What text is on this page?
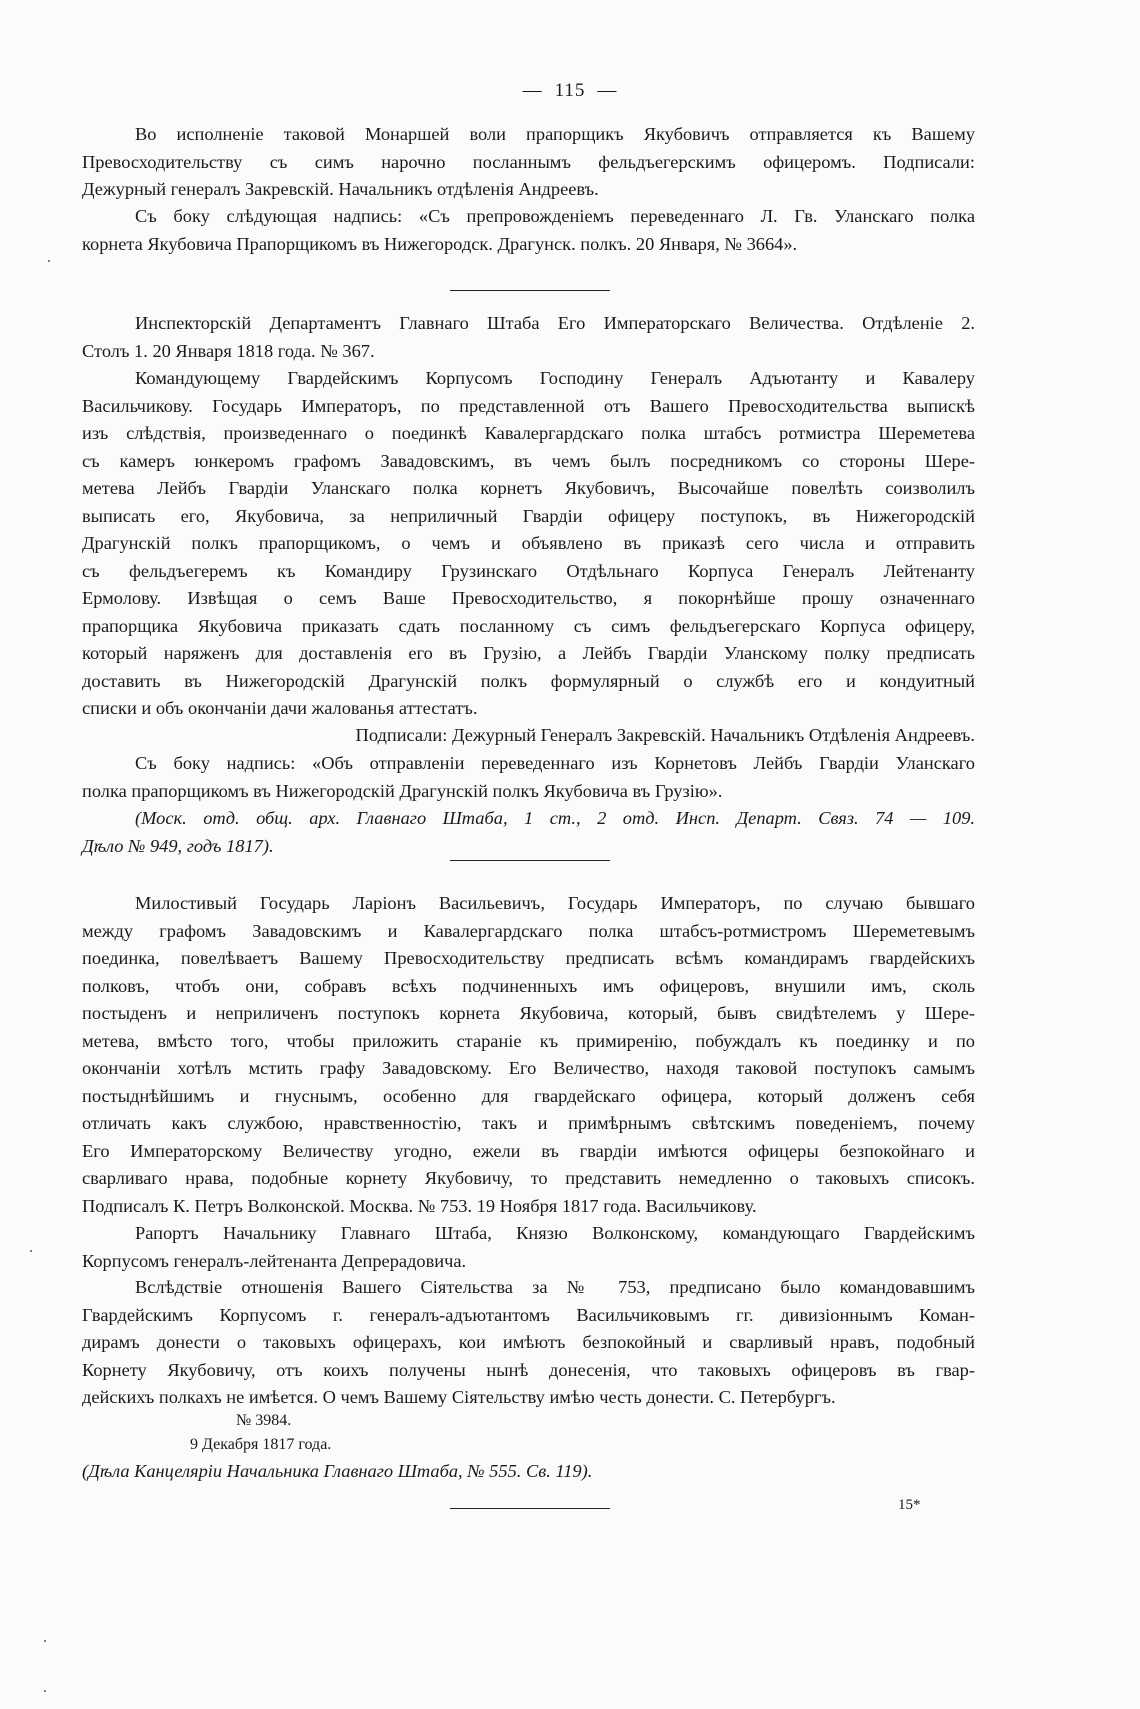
— 115 —
Во исполненіе таковой Монаршей воли прапорщикъ Якубовичъ отправляется къ Вашему
Превосходительству съ симъ нарочно посланнымъ фельдъегерскимъ офицеромъ. Подписали:
Дежурный генералъ Закревскій. Начальникъ отдѣленія Андреевъ.
Съ боку слѣдующая надпись: «Съ препровожденіемъ переведеннаго Л. Гв. Уланскаго полка
корнета Якубовича Прапорщикомъ въ Нижегородск. Драгунск. полкъ. 20 Января, № 3664».
Инспекторскій Департаментъ Главнаго Штаба Его Императорскаго Величества. Отдѣленіе 2.
Столъ 1. 20 Января 1818 года. № 367.
Командующему Гвардейскимъ Корпусомъ Господину Генералъ Адъютанту и Кавалеру
Васильчикову. Государь Императоръ, по представленной отъ Вашего Превосходительства выпискѣ
изъ слѣдствія, произведеннаго о поединкѣ Кавалергардскаго полка штабсъ ротмистра Шереметева
съ камеръ юнкеромъ графомъ Завадовскимъ, въ чемъ былъ посредникомъ со стороны Шере-
метева Лейбъ Гвардіи Уланскаго полка корнетъ Якубовичъ, Высочайше повелѣть соизволилъ
выписать его, Якубовича, за неприличный Гвардіи офицеру поступокъ, въ Нижегородскій
Драгунскій полкъ прапорщикомъ, о чемъ и объявлено въ приказѣ сего числа и отправить
съ фельдъегеремъ къ Командиру Грузинскаго Отдѣльнаго Корпуса Генералъ Лейтенанту
Ермолову. Извѣщая о семъ Ваше Превосходительство, я покорнѣйше прошу означеннаго
прапорщика Якубовича приказать сдать посланному съ симъ фельдъегерскаго Корпуса офицеру,
который наряженъ для доставленія его въ Грузію, а Лейбъ Гвардіи Уланскому полку предписать
доставить въ Нижегородскій Драгунскій полкъ формулярный о службѣ его и кондуитный
списки и объ окончаніи дачи жалованья аттестатъ.
Подписали: Дежурный Генералъ Закревскій. Начальникъ Отдѣленія Андреевъ.
Съ боку надпись: «Объ отправленіи переведеннаго изъ Корнетовъ Лейбъ Гвардіи Уланскаго
полка прапорщикомъ въ Нижегородскій Драгунскій полкъ Якубовича въ Грузію».
(Моск. отд. общ. арх. Главнаго Штаба, 1 ст., 2 отд. Инсп. Департ. Связ. 74 — 109.
Дѣло № 949, годъ 1817).
Милостивый Государь Ларіонъ Васильевичъ, Государь Императоръ, по случаю бывшаго
между графомъ Завадовскимъ и Кавалергардскаго полка штабсъ-ротмистромъ Шереметевымъ
поединка, повелѣваетъ Вашему Превосходительству предписать всѣмъ командирамъ гвардейскихъ
полковъ, чтобъ они, собравъ всѣхъ подчиненныхъ имъ офицеровъ, внушили имъ, сколь
постыденъ и неприличенъ поступокъ корнета Якубовича, который, бывъ свидѣтелемъ у Шере-
метева, вмѣсто того, чтобы приложить стараніе къ примиренію, побуждалъ къ поединку и по
окончаніи хотѣлъ мстить графу Завадовскому. Его Величество, находя таковой поступокъ самымъ
постыднѣйшимъ и гнуснымъ, особенно для гвардейскаго офицера, который долженъ себя
отличать какъ службою, нравственностію, такъ и примѣрнымъ свѣтскимъ поведеніемъ, почему
Его Императорскому Величеству угодно, ежели въ гвардіи имѣются офицеры безпокойнаго и
сварливаго нрава, подобные корнету Якубовичу, то представить немедленно о таковыхъ списокъ.
Подписалъ К. Петръ Волконской. Москва. № 753. 19 Ноября 1817 года. Васильчикову.
Рапортъ Начальнику Главнаго Штаба, Князю Волконскому, командующаго Гвардейскимъ
Корпусомъ генералъ-лейтенанта Депрерадовича.
Вслѣдствіе отношенія Вашего Сіятельства за № 753, предписано было командовавшимъ
Гвардейскимъ Корпусомъ г. генералъ-адъютантомъ Васильчиковымъ гг. дивизіоннымъ Коман-
дирамъ донести о таковыхъ офицерахъ, кои имѣютъ безпокойный и сварливый нравъ, подобный
Корнету Якубовичу, отъ коихъ получены нынѣ донесенія, что таковыхъ офицеровъ въ гвар-
дейскихъ полкахъ не имѣется. О чемъ Вашему Сіятельству имѣю честь донести. С. Петербургъ.
№ 3984.
9 Декабря 1817 года.
(Дѣла Канцеляріи Начальника Главнаго Штаба, № 555. Св. 119).
15*
